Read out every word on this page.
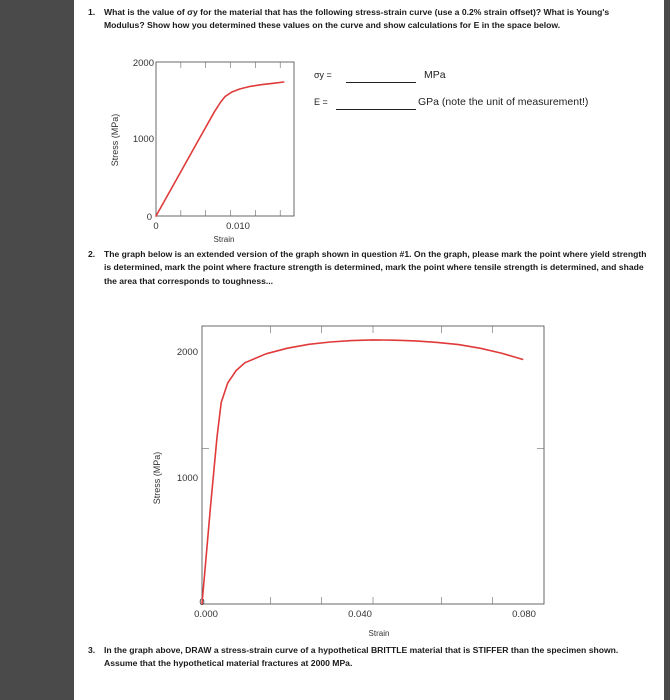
1. What is the value of σy for the material that has the following stress-strain curve (use a 0.2% strain offset)? What is Young's Modulus? Show how you determined these values on the curve and show calculations for E in the space below.
0	0.010
0
1000
2000
Strain
Stress (MPa)
σy =	MPa
E =	GPa (note the unit of measurement!)
2. The graph below is an extended version of the graph shown in question #1. On the graph, please mark the point where yield strength is determined, mark the point where fracture strength is determined, mark the point where tensile strength is determined, and shade the area that corresponds to toughness...
0
0.000	0.040	0.080
2000
1000
Strain
Stress (MPa)
3. In the graph above, DRAW a stress-strain curve of a hypothetical BRITTLE material that is STIFFER than the specimen shown. Assume that the hypothetical material fractures at 2000 MPa.
